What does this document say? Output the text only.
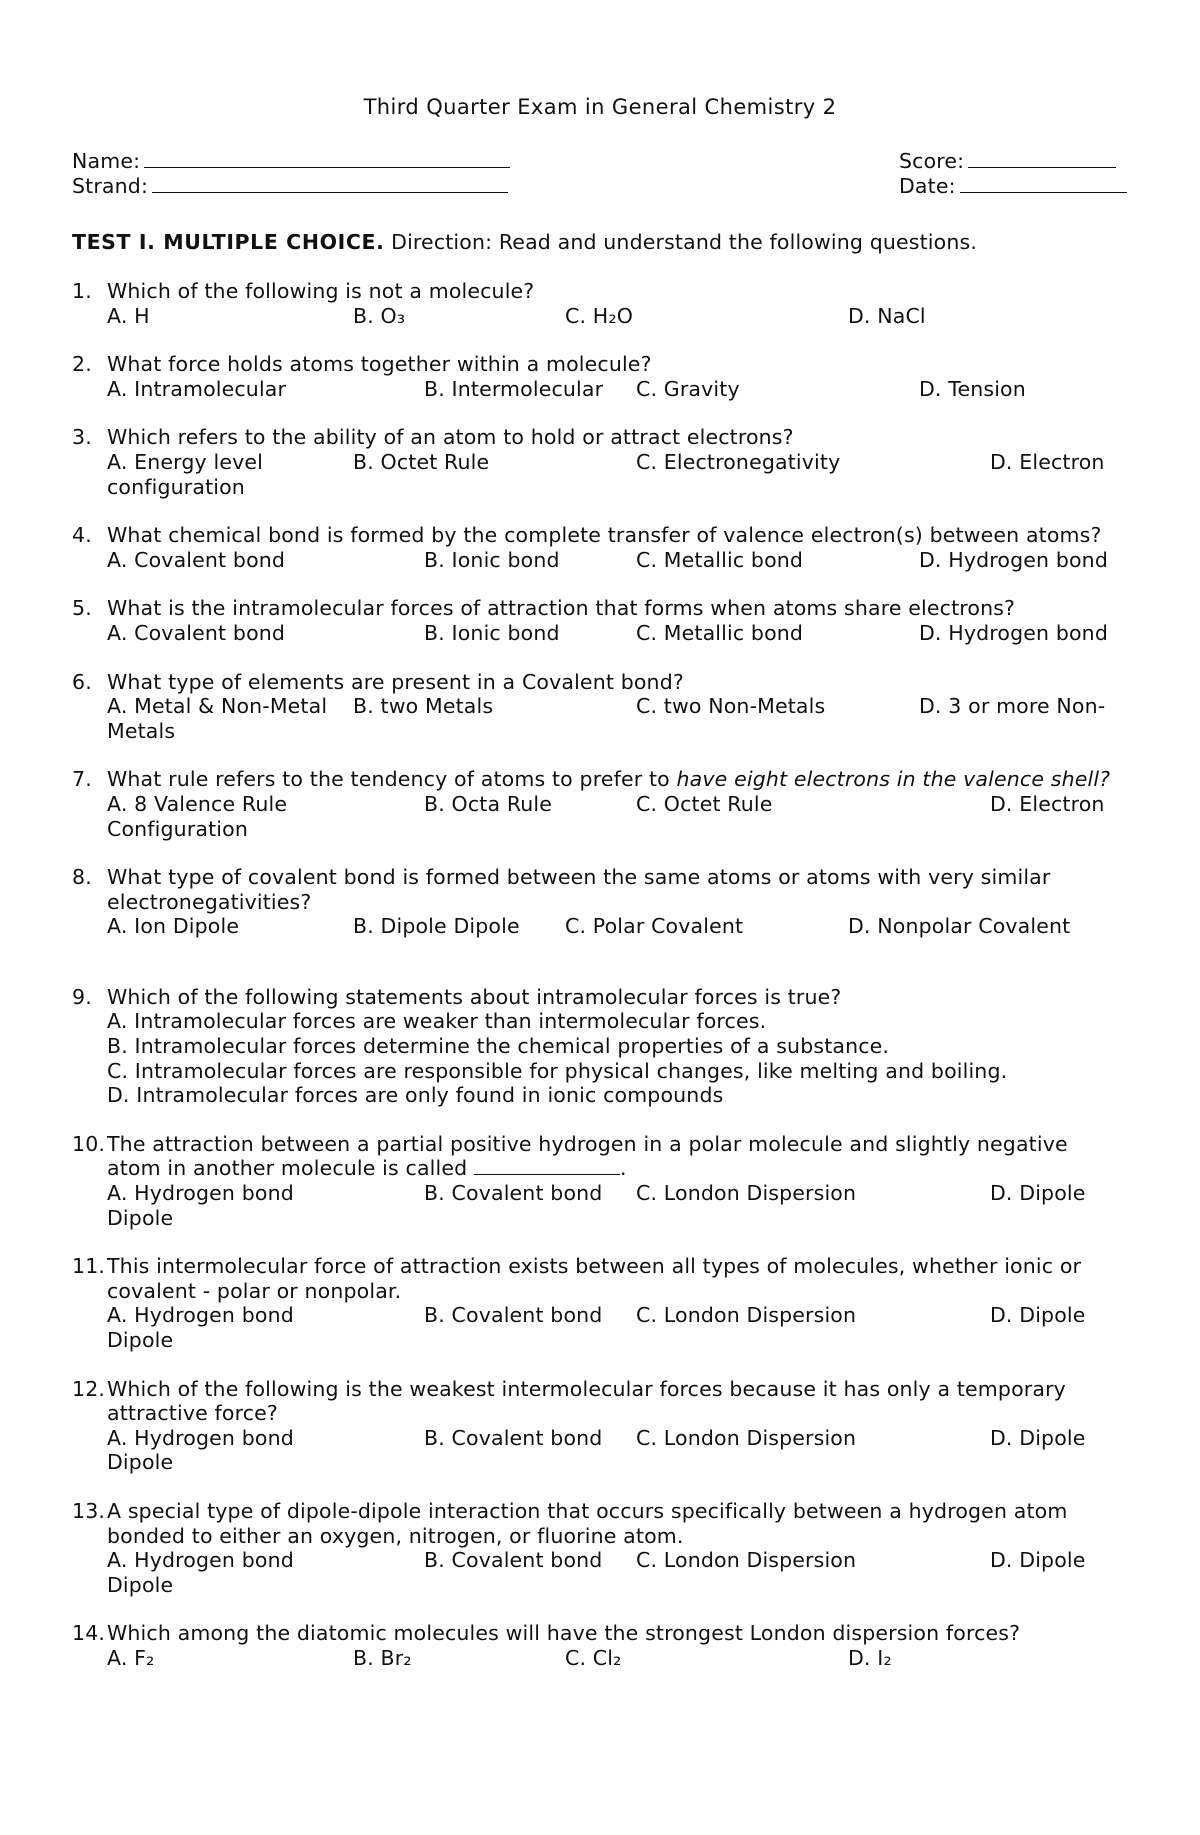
Third Quarter Exam in General Chemistry 2
Name:
Strand:
Score:
Date:
TEST I. MULTIPLE CHOICE. Direction: Read and understand the following questions.
1. Which of the following is not a molecule?
A. H	B. O₃	C. H₂O	D. NaCl
2. What force holds atoms together within a molecule?
A. Intramolecular	B. Intermolecular C. Gravity	D. Tension
3. Which refers to the ability of an atom to hold or attract electrons?
A. Energy level	B. Octet Rule	C. Electronegativity	D. Electron
configuration
4. What chemical bond is formed by the complete transfer of valence electron(s) between atoms?
A. Covalent bond	B. Ionic bond	C. Metallic bond	D. Hydrogen bond
5. What is the intramolecular forces of attraction that forms when atoms share electrons?
A. Covalent bond	B. Ionic bond	C. Metallic bond	D. Hydrogen bond
6. What type of elements are present in a Covalent bond?
A. Metal & Non-Metal B. two Metals	C. two Non-Metals	D. 3 or more Non-
Metals
7. What rule refers to the tendency of atoms to prefer to have eight electrons in the valence shell?
A. 8 Valence Rule	B. Octa Rule	C. Octet Rule	D. Electron
Configuration
8. What type of covalent bond is formed between the same atoms or atoms with very similar electronegativities?
A. Ion Dipole	B. Dipole Dipole C. Polar Covalent	D. Nonpolar Covalent
9. Which of the following statements about intramolecular forces is true?
A. Intramolecular forces are weaker than intermolecular forces.
B. Intramolecular forces determine the chemical properties of a substance.
C. Intramolecular forces are responsible for physical changes, like melting and boiling.
D. Intramolecular forces are only found in ionic compounds
10. The attraction between a partial positive hydrogen in a polar molecule and slightly negative atom in another molecule is called	.
A. Hydrogen bond	B. Covalent bond C. London Dispersion	D. Dipole
Dipole
11. This intermolecular force of attraction exists between all types of molecules, whether ionic or covalent - polar or nonpolar.
A. Hydrogen bond	B. Covalent bond C. London Dispersion	D. Dipole
Dipole
12. Which of the following is the weakest intermolecular forces because it has only a temporary attractive force?
A. Hydrogen bond	B. Covalent bond C. London Dispersion	D. Dipole
Dipole
13. A special type of dipole-dipole interaction that occurs specifically between a hydrogen atom bonded to either an oxygen, nitrogen, or fluorine atom.
A. Hydrogen bond	B. Covalent bond C. London Dispersion	D. Dipole
Dipole
14. Which among the diatomic molecules will have the strongest London dispersion forces?
A. F₂	B. Br₂	C. Cl₂	D. I₂
